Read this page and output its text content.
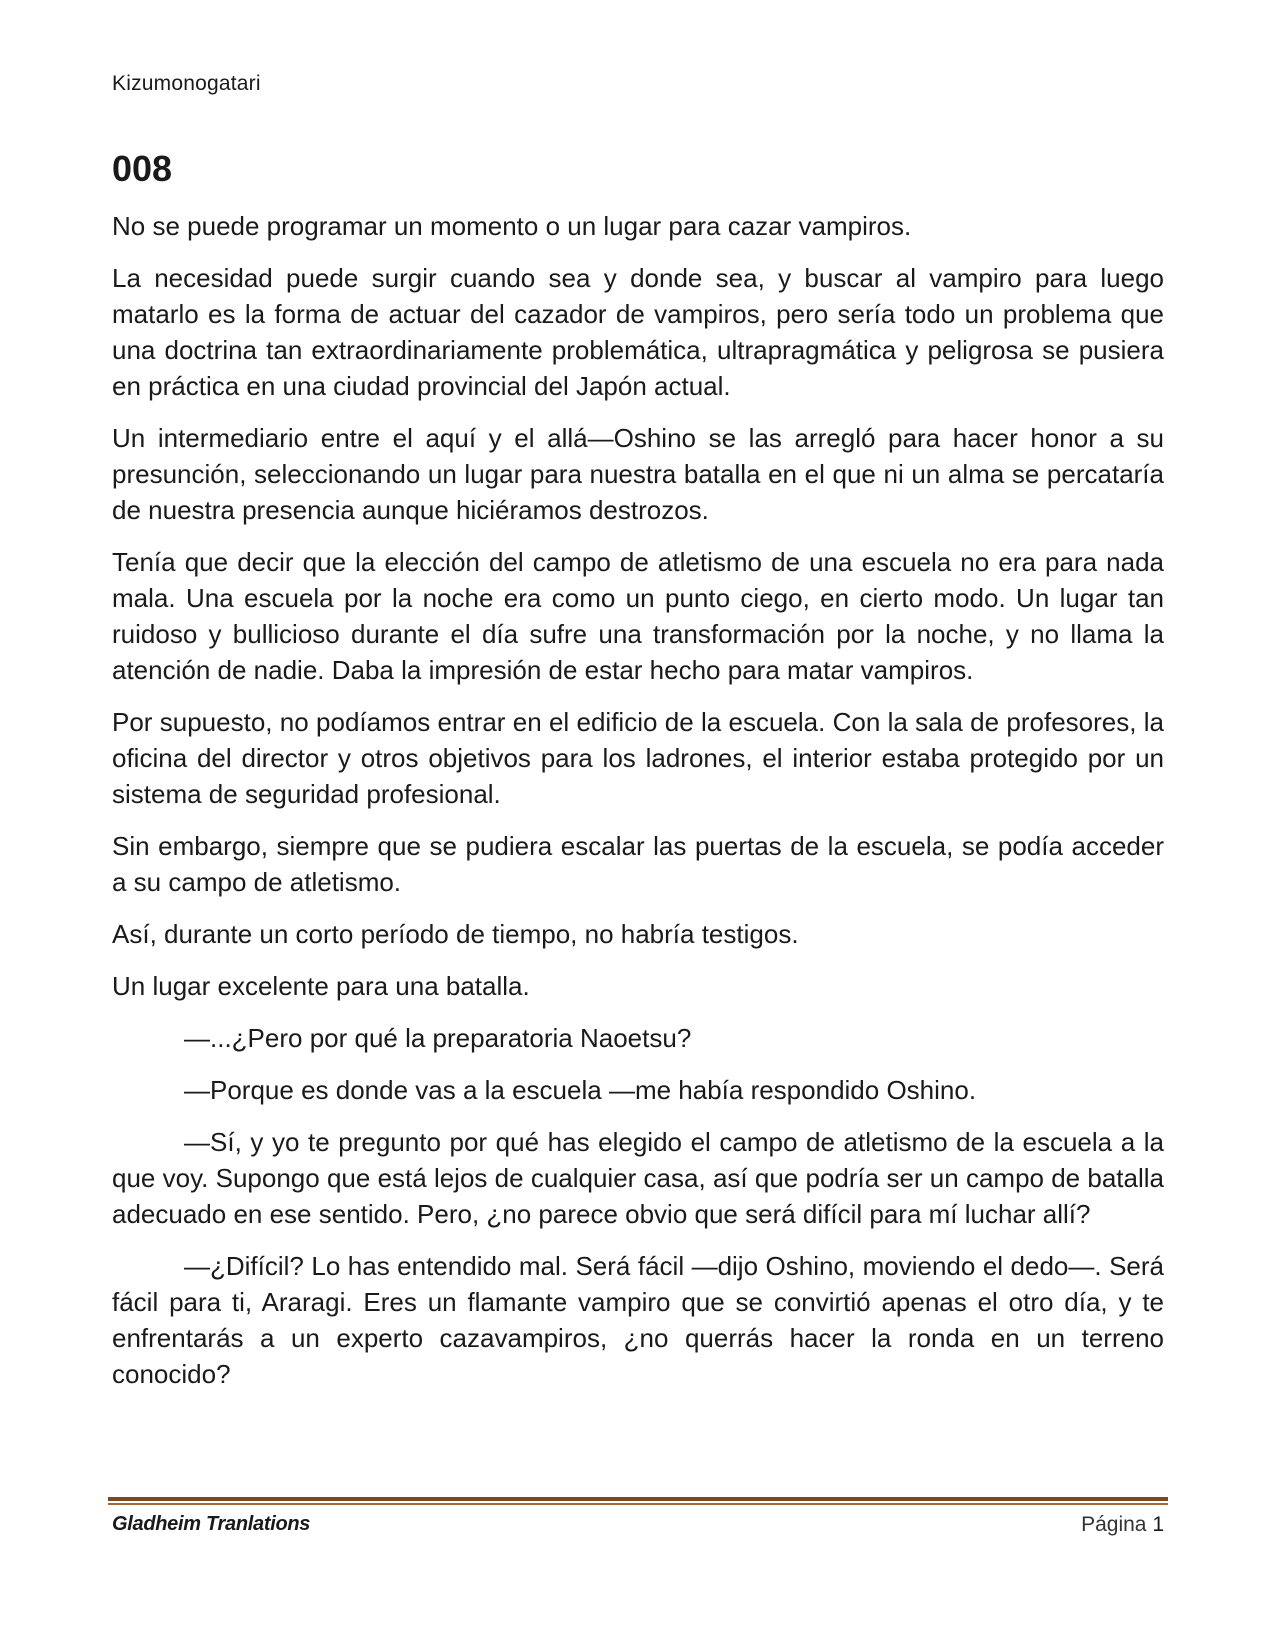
Kizumonogatari
008

No se puede programar un momento o un lugar para cazar vampiros.

La necesidad puede surgir cuando sea y donde sea, y buscar al vampiro para luego matarlo es la forma de actuar del cazador de vampiros, pero sería todo un problema que una doctrina tan extraordinariamente problemática, ultrapragmática y peligrosa se pusiera en práctica en una ciudad provincial del Japón actual.

Un intermediario entre el aquí y el allá—Oshino se las arregló para hacer honor a su presunción, seleccionando un lugar para nuestra batalla en el que ni un alma se percataría de nuestra presencia aunque hiciéramos destrozos.

Tenía que decir que la elección del campo de atletismo de una escuela no era para nada mala. Una escuela por la noche era como un punto ciego, en cierto modo. Un lugar tan ruidoso y bullicioso durante el día sufre una transformación por la noche, y no llama la atención de nadie. Daba la impresión de estar hecho para matar vampiros.

Por supuesto, no podíamos entrar en el edificio de la escuela. Con la sala de profesores, la oficina del director y otros objetivos para los ladrones, el interior estaba protegido por un sistema de seguridad profesional.

Sin embargo, siempre que se pudiera escalar las puertas de la escuela, se podía acceder a su campo de atletismo.

Así, durante un corto período de tiempo, no habría testigos.

Un lugar excelente para una batalla.

—...¿Pero por qué la preparatoria Naoetsu?

—Porque es donde vas a la escuela —me había respondido Oshino.

—Sí, y yo te pregunto por qué has elegido el campo de atletismo de la escuela a la que voy. Supongo que está lejos de cualquier casa, así que podría ser un campo de batalla adecuado en ese sentido. Pero, ¿no parece obvio que será difícil para mí luchar allí?

—¿Difícil? Lo has entendido mal. Será fácil —dijo Oshino, moviendo el dedo—. Será fácil para ti, Araragi. Eres un flamante vampiro que se convirtió apenas el otro día, y te enfrentarás a un experto cazavampiros, ¿no querrás hacer la ronda en un terreno conocido?

Gladheim Tranlations	Página 1
